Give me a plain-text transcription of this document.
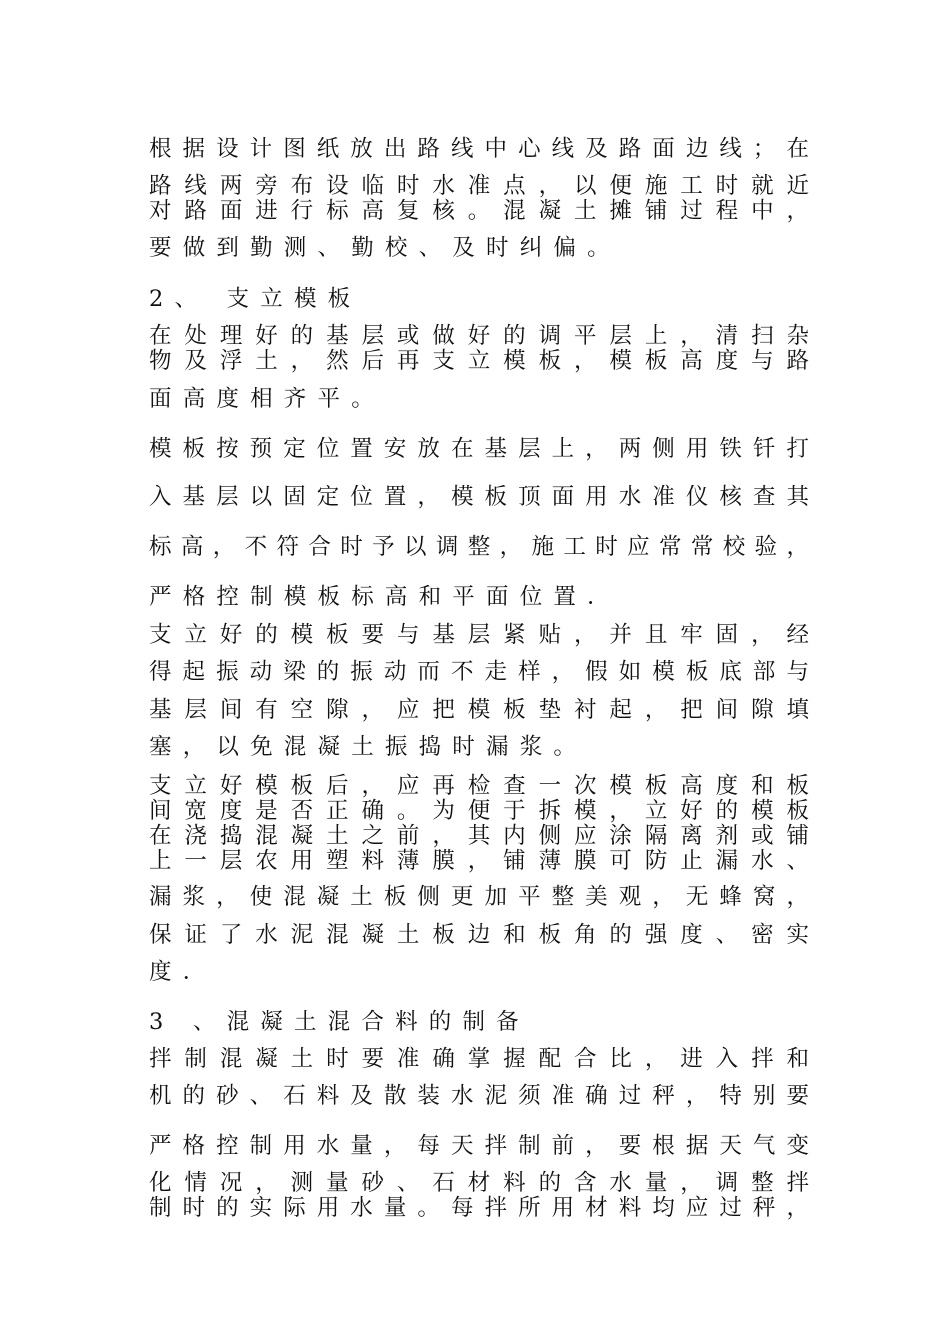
根据设计图纸放出路线中心线及路面边线；在
路线两旁布设临时水准点，以便施工时就近
对路面进行标高复核。混凝土摊铺过程中，
要做到勤测、勤校、及时纠偏。
2、 支立模板
在处理好的基层或做好的调平层上，清扫杂
物及浮土，然后再支立模板，模板高度与路
面高度相齐平。
模板按预定位置安放在基层上，两侧用铁钎打
入基层以固定位置，模板顶面用水准仪核查其
标高，不符合时予以调整，施工时应常常校验，
严格控制模板标高和平面位置．
支立好的模板要与基层紧贴，并且牢固，经
得起振动梁的振动而不走样，假如模板底部与
基层间有空隙，应把模板垫衬起，把间隙填
塞，以免混凝土振捣时漏浆。
支立好模板后，应再检查一次模板高度和板
间宽度是否正确。为便于拆模，立好的模板
在浇捣混凝土之前，其内侧应涂隔离剂或铺
上一层农用塑料薄膜，铺薄膜可防止漏水、
漏浆，使混凝土板侧更加平整美观，无蜂窝，
保证了水泥混凝土板边和板角的强度、密实
度．
3 、混凝土混合料的制备
拌制混凝土时要准确掌握配合比，进入拌和
机的砂、石料及散装水泥须准确过秤，特别要
严格控制用水量，每天拌制前，要根据天气变
化情况，测量砂、石材料的含水量，调整拌
制时的实际用水量。每拌所用材料均应过秤，
